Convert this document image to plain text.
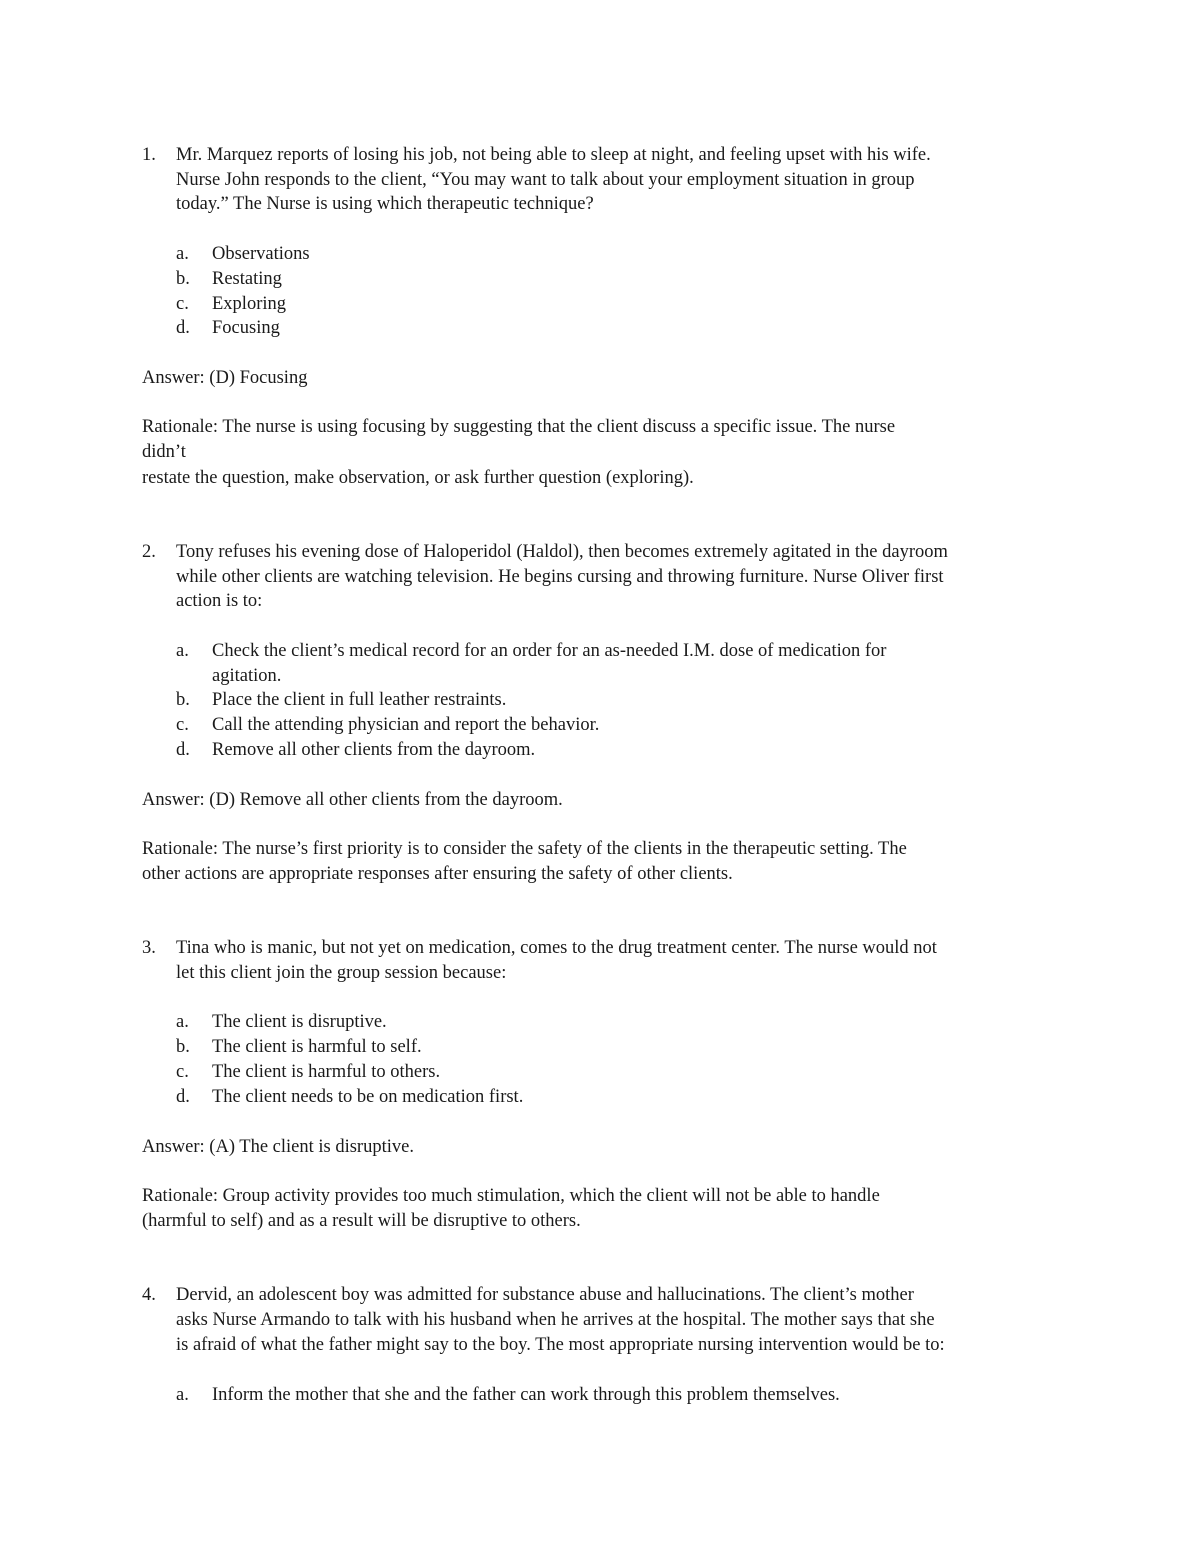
1. Mr. Marquez reports of losing his job, not being able to sleep at night, and feeling upset with his wife.
Nurse John responds to the client, “You may want to talk about your employment situation in group
today.” The Nurse is using which therapeutic technique?
a. Observations
b. Restating
c. Exploring
d. Focusing
Answer: (D) Focusing
Rationale: The nurse is using focusing by suggesting that the client discuss a specific issue. The nurse
didn’t
restate the question, make observation, or ask further question (exploring).
2. Tony refuses his evening dose of Haloperidol (Haldol), then becomes extremely agitated in the dayroom
while other clients are watching television. He begins cursing and throwing furniture. Nurse Oliver first
action is to:
a. Check the client’s medical record for an order for an as-needed I.M. dose of medication for
agitation.
b. Place the client in full leather restraints.
c. Call the attending physician and report the behavior.
d. Remove all other clients from the dayroom.
Answer: (D) Remove all other clients from the dayroom.
Rationale: The nurse’s first priority is to consider the safety of the clients in the therapeutic setting. The
other actions are appropriate responses after ensuring the safety of other clients.
3. Tina who is manic, but not yet on medication, comes to the drug treatment center. The nurse would not
let this client join the group session because:
a. The client is disruptive.
b. The client is harmful to self.
c. The client is harmful to others.
d. The client needs to be on medication first.
Answer: (A) The client is disruptive.
Rationale: Group activity provides too much stimulation, which the client will not be able to handle
(harmful to self) and as a result will be disruptive to others.
4. Dervid, an adolescent boy was admitted for substance abuse and hallucinations. The client’s mother
asks Nurse Armando to talk with his husband when he arrives at the hospital. The mother says that she
is afraid of what the father might say to the boy. The most appropriate nursing intervention would be to:
a. Inform the mother that she and the father can work through this problem themselves.
